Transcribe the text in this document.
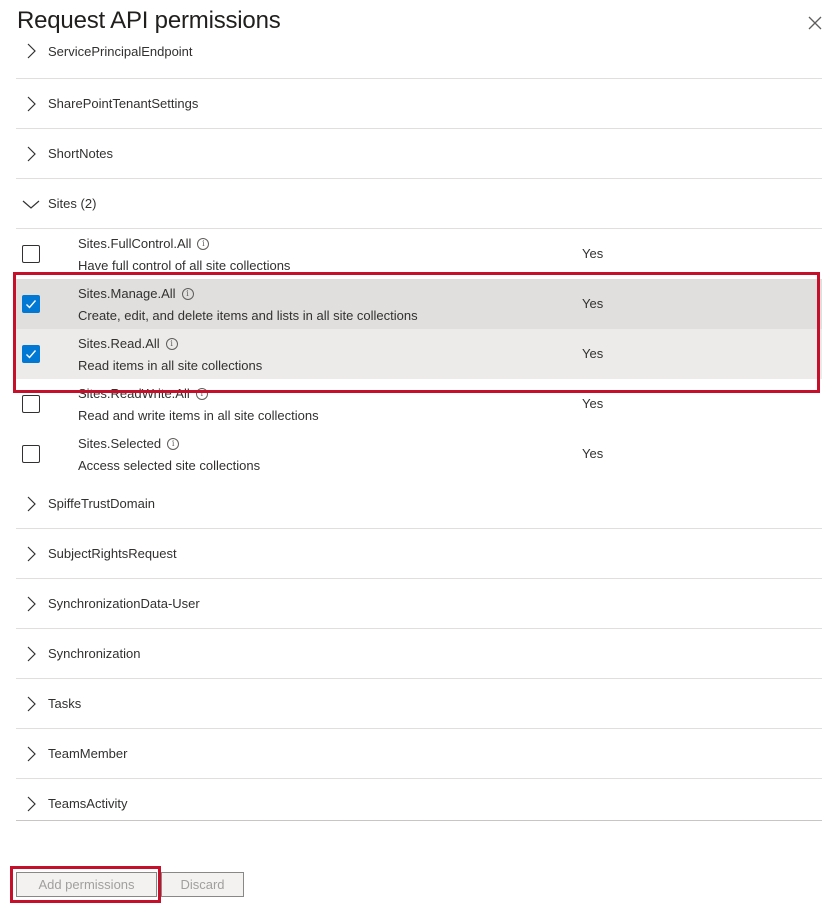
Request API permissions
ServicePrincipalEndpoint
SharePointTenantSettings
ShortNotes
Sites (2)
Sites.FullControl.All	i
Have full control of all site collections
Yes
Sites.Manage.All	i
Create, edit, and delete items and lists in all site collections
Yes
Sites.Read.All	i
Read items in all site collections
Yes
Sites.ReadWrite.All	i
Read and write items in all site collections
Yes
Sites.Selected	i
Access selected site collections
Yes
SpiffeTrustDomain
SubjectRightsRequest
SynchronizationData-User
Synchronization
Tasks
TeamMember
TeamsActivity
Add permissions	Discard
